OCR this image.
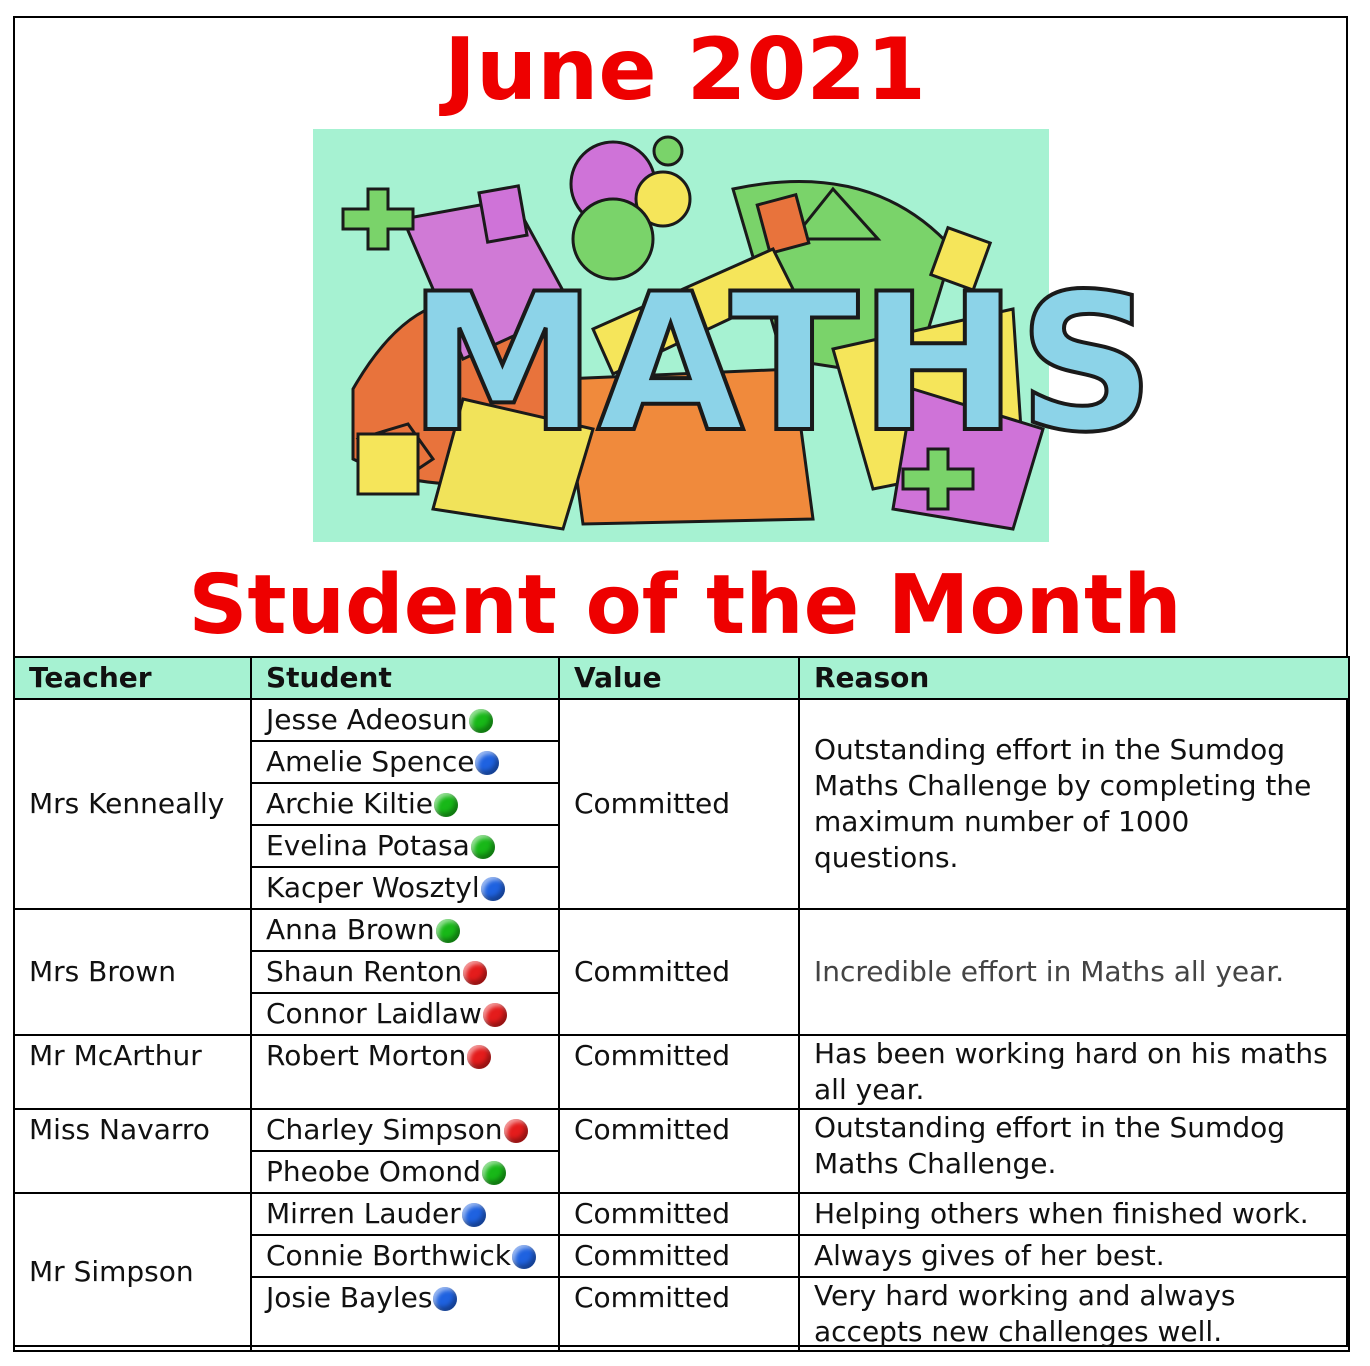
June 2021
MATHS
Student of the Month
Teacher	Student	Value	Reason
Mrs Kenneally	Jesse Adeosun	Committed	Outstanding effort in the Sumdog Maths Challenge by completing the maximum number of 1000 questions.
	Amelie Spence		
	Archie Kiltie		
	Evelina Potasa		
	Kacper Wosztyl		
Mrs Brown	Anna Brown	Committed	Incredible effort in Maths all year.
	Shaun Renton		
	Connor Laidlaw		
Mr McArthur	Robert Morton	Committed	Has been working hard on his maths all year.
Miss Navarro	Charley Simpson	Committed	Outstanding effort in the Sumdog Maths Challenge.
	Pheobe Omond		
Mr Simpson	Mirren Lauder	Committed	Helping others when finished work.
	Connie Borthwick	Committed	Always gives of her best.
	Josie Bayles	Committed	Very hard working and always accepts new challenges well.
